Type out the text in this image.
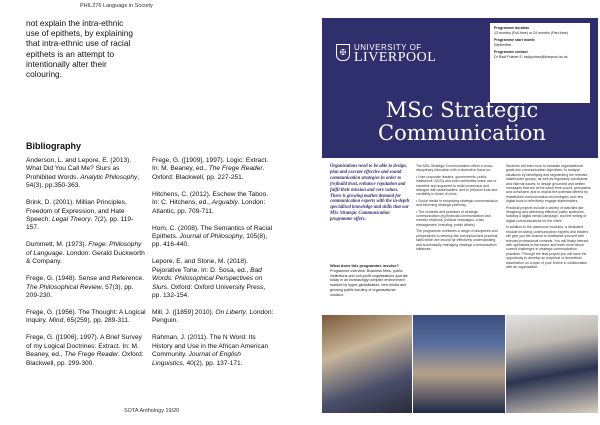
PHIL276 Language in Society

not explain the intra-ethnic use of epithets, by explaining that intra-ethnic use of racial epithets is an attempt to intentionally alter their colouring.

Bibliography

Anderson, L. and Lepore, E. (2013). What Did You Call Me? Slurs as Prohibited Words. Analytic Philosophy, 54(3), pp.350-363.

Brink, D. (2001). Millian Principles, Freedom of Expression, and Hate Speech. Legal Theory. 7(2), pp. 119-157.

Dummett, M. (1973). Frege: Philosophy of Language. London: Gerald Duckworth & Company.

Frege, G. (1948). Sense and Reference. The Philosophical Review, 57(3), pp. 209-230.

Frege, G. (1956). The Thought: A Logical Inquiry. Mind, 65(259), pp. 289-311.

Frege, G. ([1906], 1997). A Brief Survey of my Logical Doctrines: Extract. In: M. Beaney, ed., The Frege Reader. Oxford: Blackwell, pp. 299-300.

Frege, G. ([1909], 1997). Logic: Extract. In: M. Beaney, ed., The Frege Reader. Oxford: Blackwell, pp. 227-251.

Hitchens, C. (2012). Eschew the Taboo. In: C. Hitchens, ed., Arguably. London: Atlantic, pp. 709-711.

Hom, C. (2008). The Semantics of Racial Epithets. Journal of Philosophy, 105(8), pp. 416-440.

Lepore, E. and Stone, M. (2018). Pejorative Tone. In: D. Sosa, ed., Bad Words: Philosophical Perspectives on Slurs. Oxford: Oxford University Press, pp. 132-154.

Mill, J. ([1859] 2010). On Liberty. London: Penguin.

Rahman, J. (2011). The N Word: Its History and Use in the African American Community. Journal of English Linguistics, 40(2), pp. 137-171.

✠
UNIVERSITY OF
LIVERPOOL
Programme duration
12 months (Full-time) or 24 months (Part-time)
Programme start month
September
Programme contact
Dr Radi Pulmer E: radipulmer@liverpool.ac.uk
MSc Strategic
Communication
Organisations need to be able to design, plan and execute effective and sound communication strategies in order to (re)build trust, enhance reputation and fulfil their mission and core values. There is growing market demand for communication experts with the in-depth specialised knowledge and skills that our MSc Strategic Communication programme offers.
What does this programme involve?
Programme overview: Business firms, public institutions and non-profit organisations operate today in an increasingly complex environment marked by hyper-globalisation, new media and growing public scrutiny of organisational conduct.
The MSc Strategic Communication offers a cross-disciplinary education with a distinctive focus on:
• How corporate leaders, governments, public institutions, NGOs and even celebrities make use of narrative and argument to build consensus and dialogue with stakeholders, and to (re)build trust and credibility in times of crisis.
• Social media in enhancing strategic communication and informing strategic planning.
• The contexts and practices of strategic communication (eg financial communication and investor relations; political campaigns; crisis management; branding; public affairs).
The programme combines a range of disciplines and perspectives to develop the conceptual and practical skills which are crucial for effectively understanding and successfully managing strategic communication initiatives.
Students will learn how to translate organisational goals into communication objectives; to analyse situations by identifying and segmenting the relevant stakeholder groups, as well as regulatory constraints and internal issues; to design grounded and written messages that are at the same time sound, persuasive and consistent; and to exploit the potential offered by established communication technologies and new digital tools to effectively engage stakeholders.
Practical projects include a variety of activities like designing and delivering effective public speeches, building a digital media campaign, and the writing of digital communications for the client.
In addition to the classroom modules, a dedicated module involving communication experts and leaders will give you the chance to familiarise yourself with relevant professional contexts. You will finally interact with specialists in the sector and learn more about current challenges in strategic communication practices. Through the final project you will have the opportunity to develop an empirical or theoretical dissertation on a topic of your choice in collaboration with an organisation.
SOTA Anthology 19/20
